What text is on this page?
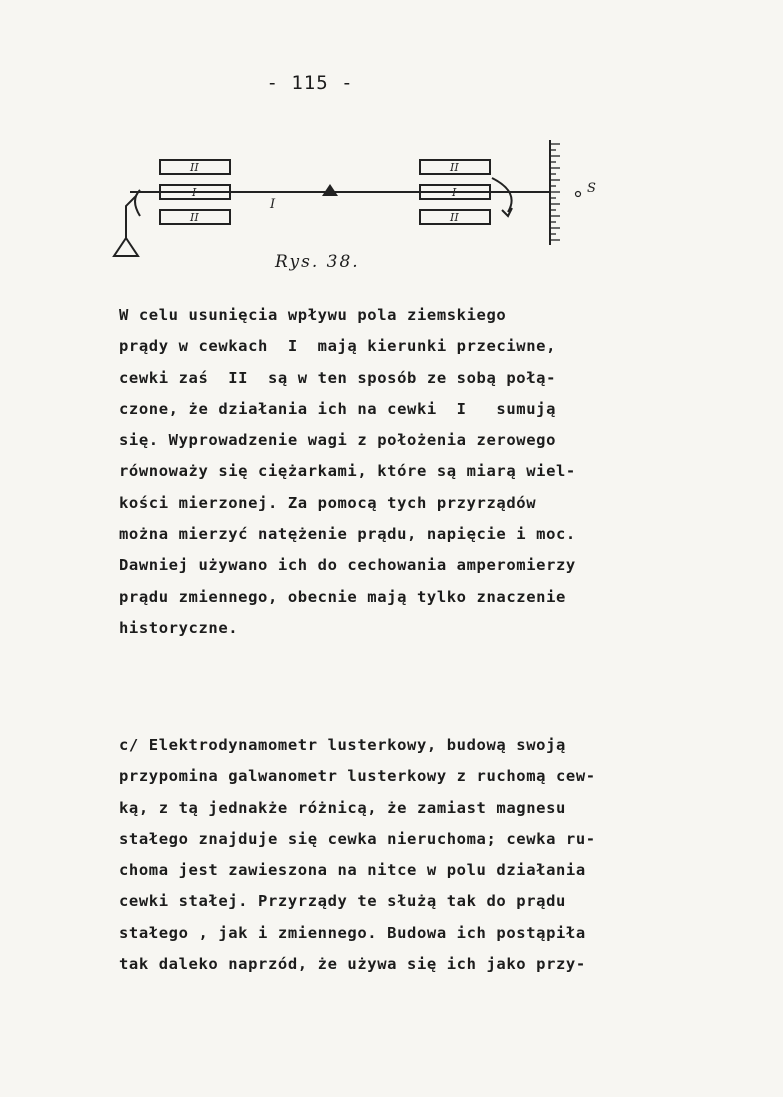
- 115 -
II
I
II
II
I
II
I
S
Rys. 38.
W celu usunięcia wpływu pola ziemskiego
prądy w cewkach  I  mają kierunki przeciwne,
cewki zaś  II  są w ten sposób ze sobą połą-
czone, że działania ich na cewki  I   sumują
się. Wyprowadzenie wagi z położenia zerowego
równoważy się ciężarkami, które są miarą wiel-
kości mierzonej. Za pomocą tych przyrządów
można mierzyć natężenie prądu, napięcie i moc.
Dawniej używano ich do cechowania amperomierzy
prądu zmiennego, obecnie mają tylko znaczenie
historyczne.
c/ Elektrodynamometr lusterkowy, budową swoją
przypomina galwanometr lusterkowy z ruchomą cew-
ką, z tą jednakże różnicą, że zamiast magnesu
stałego znajduje się cewka nieruchoma; cewka ru-
choma jest zawieszona na nitce w polu działania
cewki stałej. Przyrządy te służą tak do prądu
stałego , jak i zmiennego. Budowa ich postąpiła
tak daleko naprzód, że używa się ich jako przy-
